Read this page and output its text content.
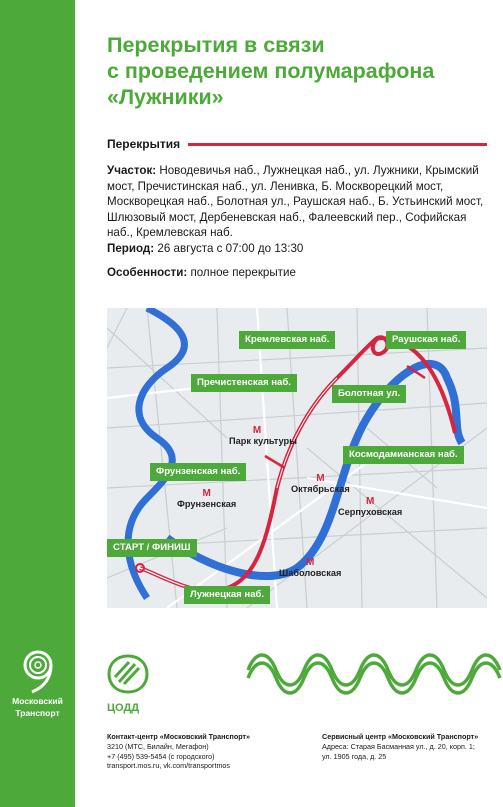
Московский
Транспорт
Перекрытия в связи
с проведением полумарафона
«Лужники»
Перекрытия
Участок: Новодевичья наб., Лужнецкая наб., ул. Лужники, Крымский мост, Пречистинская наб., ул. Ленивка, Б. Москворецкий мост, Москворецкая наб., Болотная ул., Раушская наб., Б. Устьинский мост, Шлюзовый мост, Дербеневская наб., Фалеевский пер., Софийская наб., Кремлевская наб.
Период: 26 августа с 07:00 до 13:30
Особенности: полное перекрытие
Кремлевская наб.	Раушская наб.
Пречистенская наб.
Болотная ул.
Космодамианская наб.
Фрунзенская наб.
СТАРТ / ФИНИШ
Лужнецкая наб.
М
Парк культуры
М
Октябрьская
М
Фрунзенская	М
Серпуховская
М
Шаболовская
ЦОДД
Контакт-центр «Московский Транспорт»
3210 (МТС, Билайн, Мегафон)
+7 (495) 539-5454 (с городского)
transport.mos.ru, vk.com/transportmos
Сервисный центр «Московский Транспорт»
Адреса: Старая Басманная ул., д. 20, корп. 1;
ул. 1905 года, д. 25
